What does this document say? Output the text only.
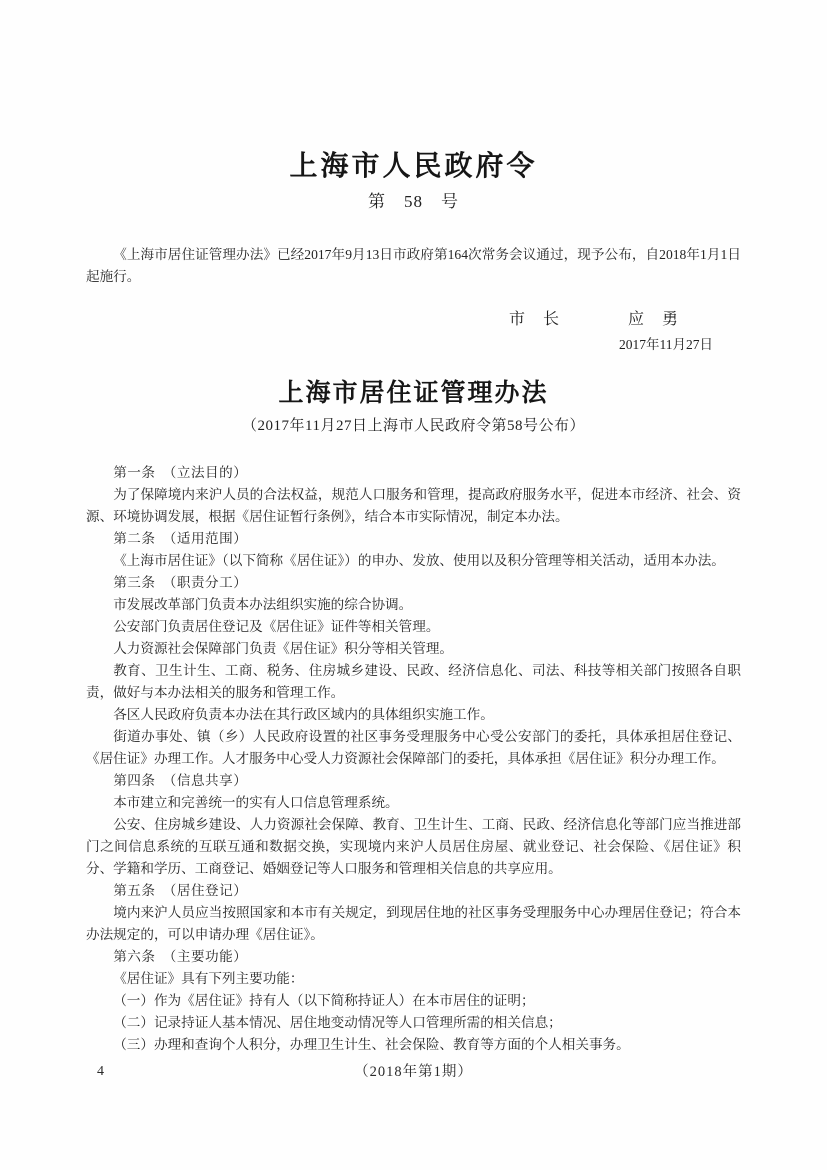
上海市人民政府令
第　58　号

《上海市居住证管理办法》已经2017年9月13日市政府第164次常务会议通过，现予公布，自2018年1月1日起施行。

市　长　　　　应　勇
2017年11月27日
上海市居住证管理办法
（2017年11月27日上海市人民政府令第58号公布）

第一条　（立法目的）

为了保障境内来沪人员的合法权益，规范人口服务和管理，提高政府服务水平，促进本市经济、社会、资源、环境协调发展，根据《居住证暂行条例》，结合本市实际情况，制定本办法。

第二条　（适用范围）

《上海市居住证》（以下简称《居住证》）的申办、发放、使用以及积分管理等相关活动，适用本办法。

第三条　（职责分工）

市发展改革部门负责本办法组织实施的综合协调。

公安部门负责居住登记及《居住证》证件等相关管理。

人力资源社会保障部门负责《居住证》积分等相关管理。

教育、卫生计生、工商、税务、住房城乡建设、民政、经济信息化、司法、科技等相关部门按照各自职责，做好与本办法相关的服务和管理工作。

各区人民政府负责本办法在其行政区域内的具体组织实施工作。

街道办事处、镇（乡）人民政府设置的社区事务受理服务中心受公安部门的委托，具体承担居住登记、《居住证》办理工作。人才服务中心受人力资源社会保障部门的委托，具体承担《居住证》积分办理工作。

第四条　（信息共享）

本市建立和完善统一的实有人口信息管理系统。

公安、住房城乡建设、人力资源社会保障、教育、卫生计生、工商、民政、经济信息化等部门应当推进部门之间信息系统的互联互通和数据交换，实现境内来沪人员居住房屋、就业登记、社会保险、《居住证》积分、学籍和学历、工商登记、婚姻登记等人口服务和管理相关信息的共享应用。

第五条　（居住登记）

境内来沪人员应当按照国家和本市有关规定，到现居住地的社区事务受理服务中心办理居住登记；符合本办法规定的，可以申请办理《居住证》。

第六条　（主要功能）

《居住证》具有下列主要功能：

（一）作为《居住证》持有人（以下简称持证人）在本市居住的证明；

（二）记录持证人基本情况、居住地变动情况等人口管理所需的相关信息；

（三）办理和查询个人积分，办理卫生计生、社会保险、教育等方面的个人相关事务。

4	（2018年第1期）
